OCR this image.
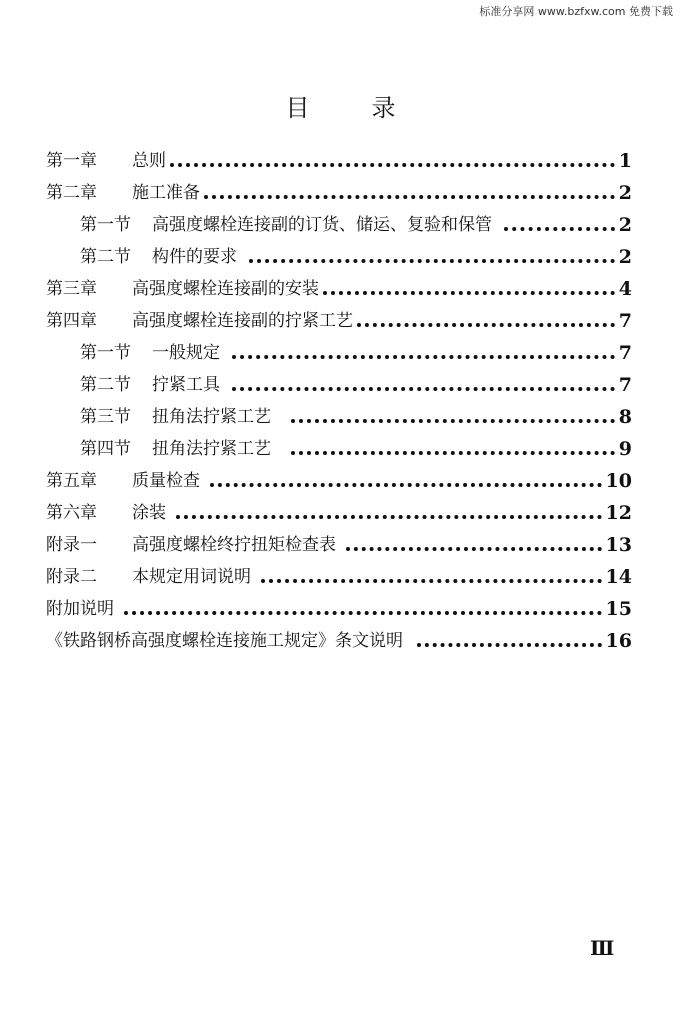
标准分享网 www.bzfxw.com 免费下载
目	录
第一章 总则	1
第二章 施工准备	2
第一节 高强度螺栓连接副的订货、储运、复验和保管	2
第二节 构件的要求	2
第三章 高强度螺栓连接副的安装	4
第四章 高强度螺栓连接副的拧紧工艺	7
第一节 一般规定	7
第二节 拧紧工具	7
第三节 扭角法拧紧工艺	8
第四节 扭角法拧紧工艺	9
第五章 质量检查	10
第六章 涂装	12
附录一 高强度螺栓终拧扭矩检查表	13
附录二 本规定用词说明	14
附加说明	15
《铁路钢桥高强度螺栓连接施工规定》条文说明	16
Ⅲ
